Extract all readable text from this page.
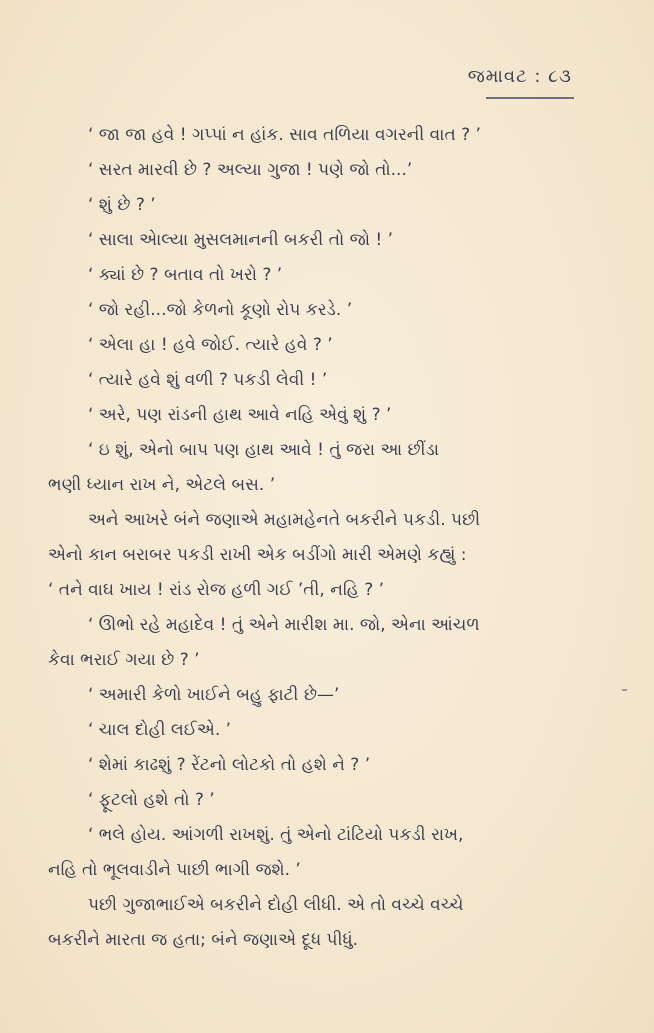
જમાવટ : ૮૩
‘ જા જા હવે ! ગપ્પાં ન હાંક. સાવ તળિયા વગરની વાત ? ’
‘ સરત મારવી છે ? અલ્યા ગુજા ! પણે જો તો...’
‘ શું છે ? ’
‘ સાલા એાલ્યા મુસલમાનની બકરી તો જો ! ’
‘ ક્યાં છે ? બતાવ તો ખરો ? ’
‘ જો રહી...જો કેળનો કૂણો રોપ કરડે. ’
‘ એલા હા ! હવે જોઈ. ત્યારે હવે ? ’
‘ ત્યારે હવે શું વળી ? પકડી લેવી ! ’
‘ અરે, પણ રાંડની હાથ આવે નહિ એવું શું ? ’
‘ ઇ શું, એનો બાપ પણ હાથ આવે ! તું જરા આ છીંડા
ભણી ધ્યાન રાખ ને, એટલે બસ. ’
અને આખરે બંને જણાએ મહામહેનતે બકરીને પકડી. પછી
એનો કાન બરાબર પકડી રાખી એક બડીંગો મારી એમણે કહ્યું :
‘ તને વાઘ ખાય ! રાંડ રોજ હળી ગઈ ’તી, નહિ ? ’
‘ ઊભો રહે મહાદેવ ! તું એને મારીશ મા. જો, એના આંચળ
કેવા ભરાઈ ગયા છે ? ’
‘ અમારી કેળો ખાઈને બહુ ફાટી છે—’
‘ ચાલ દોહી લઈએ. ’
‘ શેમાં કાઢશું ? રેંટનો લોટકો તો હશે ને ? ’
‘ ફૂટલો હશે તો ? ’
‘ ભલે હોય. આંગળી રાખશું. તું એનો ટાંટિયો પકડી રાખ,
નહિ તો ભૂલવાડીને પાછી ભાગી જશે. ’
પછી ગુજાભાઈએ બકરીને દોહી લીધી. એ તો વચ્ચે વચ્ચે
બકરીને મારતા જ હતા; બંને જણાએ દૂધ પીધું.
